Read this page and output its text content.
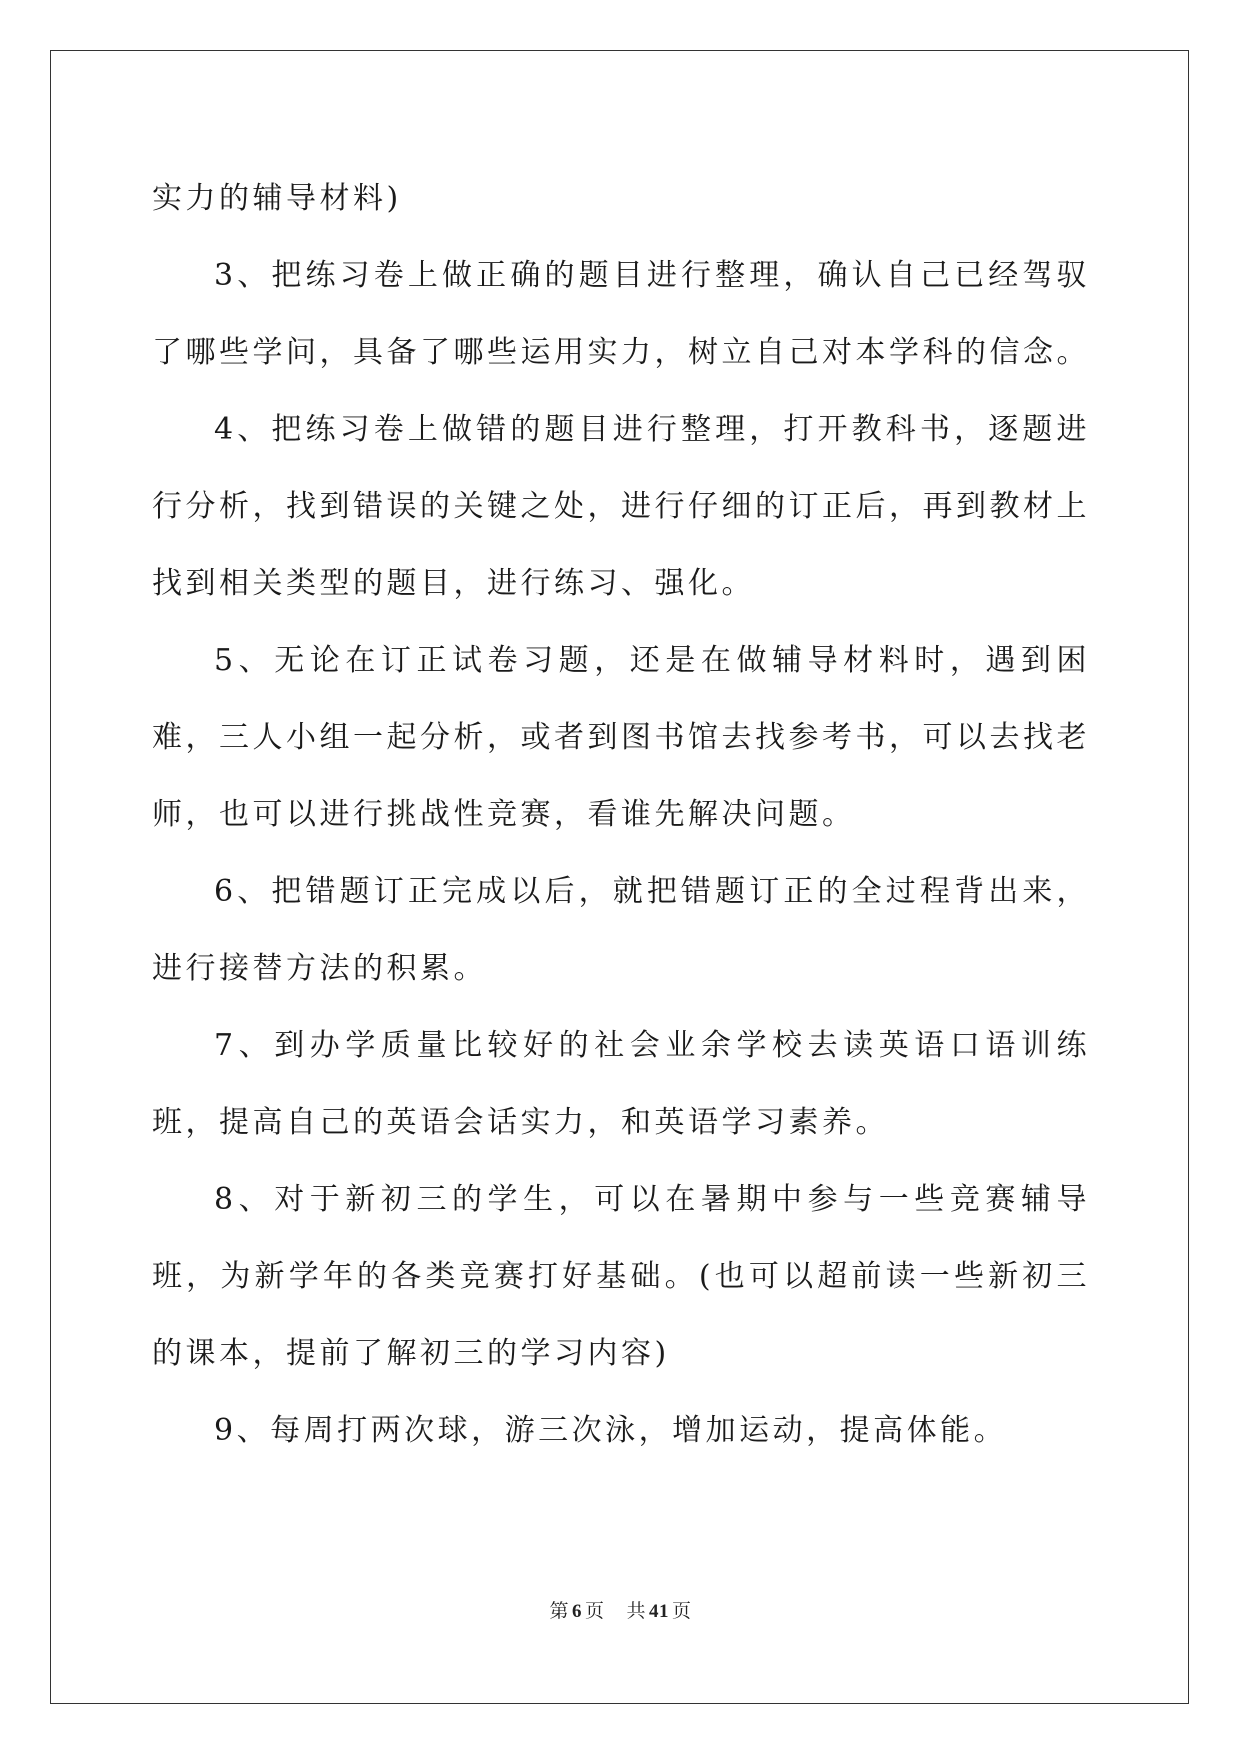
实力的辅导材料)

3、把练习卷上做正确的题目进行整理，确认自己已经驾驭了哪些学问，具备了哪些运用实力，树立自己对本学科的信念。

4、把练习卷上做错的题目进行整理，打开教科书，逐题进行分析，找到错误的关键之处，进行仔细的订正后，再到教材上找到相关类型的题目，进行练习、强化。

5、无论在订正试卷习题，还是在做辅导材料时，遇到困难，三人小组一起分析，或者到图书馆去找参考书，可以去找老师，也可以进行挑战性竞赛，看谁先解决问题。

6、把错题订正完成以后，就把错题订正的全过程背出来，进行接替方法的积累。

7、到办学质量比较好的社会业余学校去读英语口语训练班，提高自己的英语会话实力，和英语学习素养。

8、对于新初三的学生，可以在暑期中参与一些竞赛辅导班，为新学年的各类竞赛打好基础。(也可以超前读一些新初三的课本，提前了解初三的学习内容)

9、每周打两次球，游三次泳，增加运动，提高体能。

第 6 页 共 41 页
